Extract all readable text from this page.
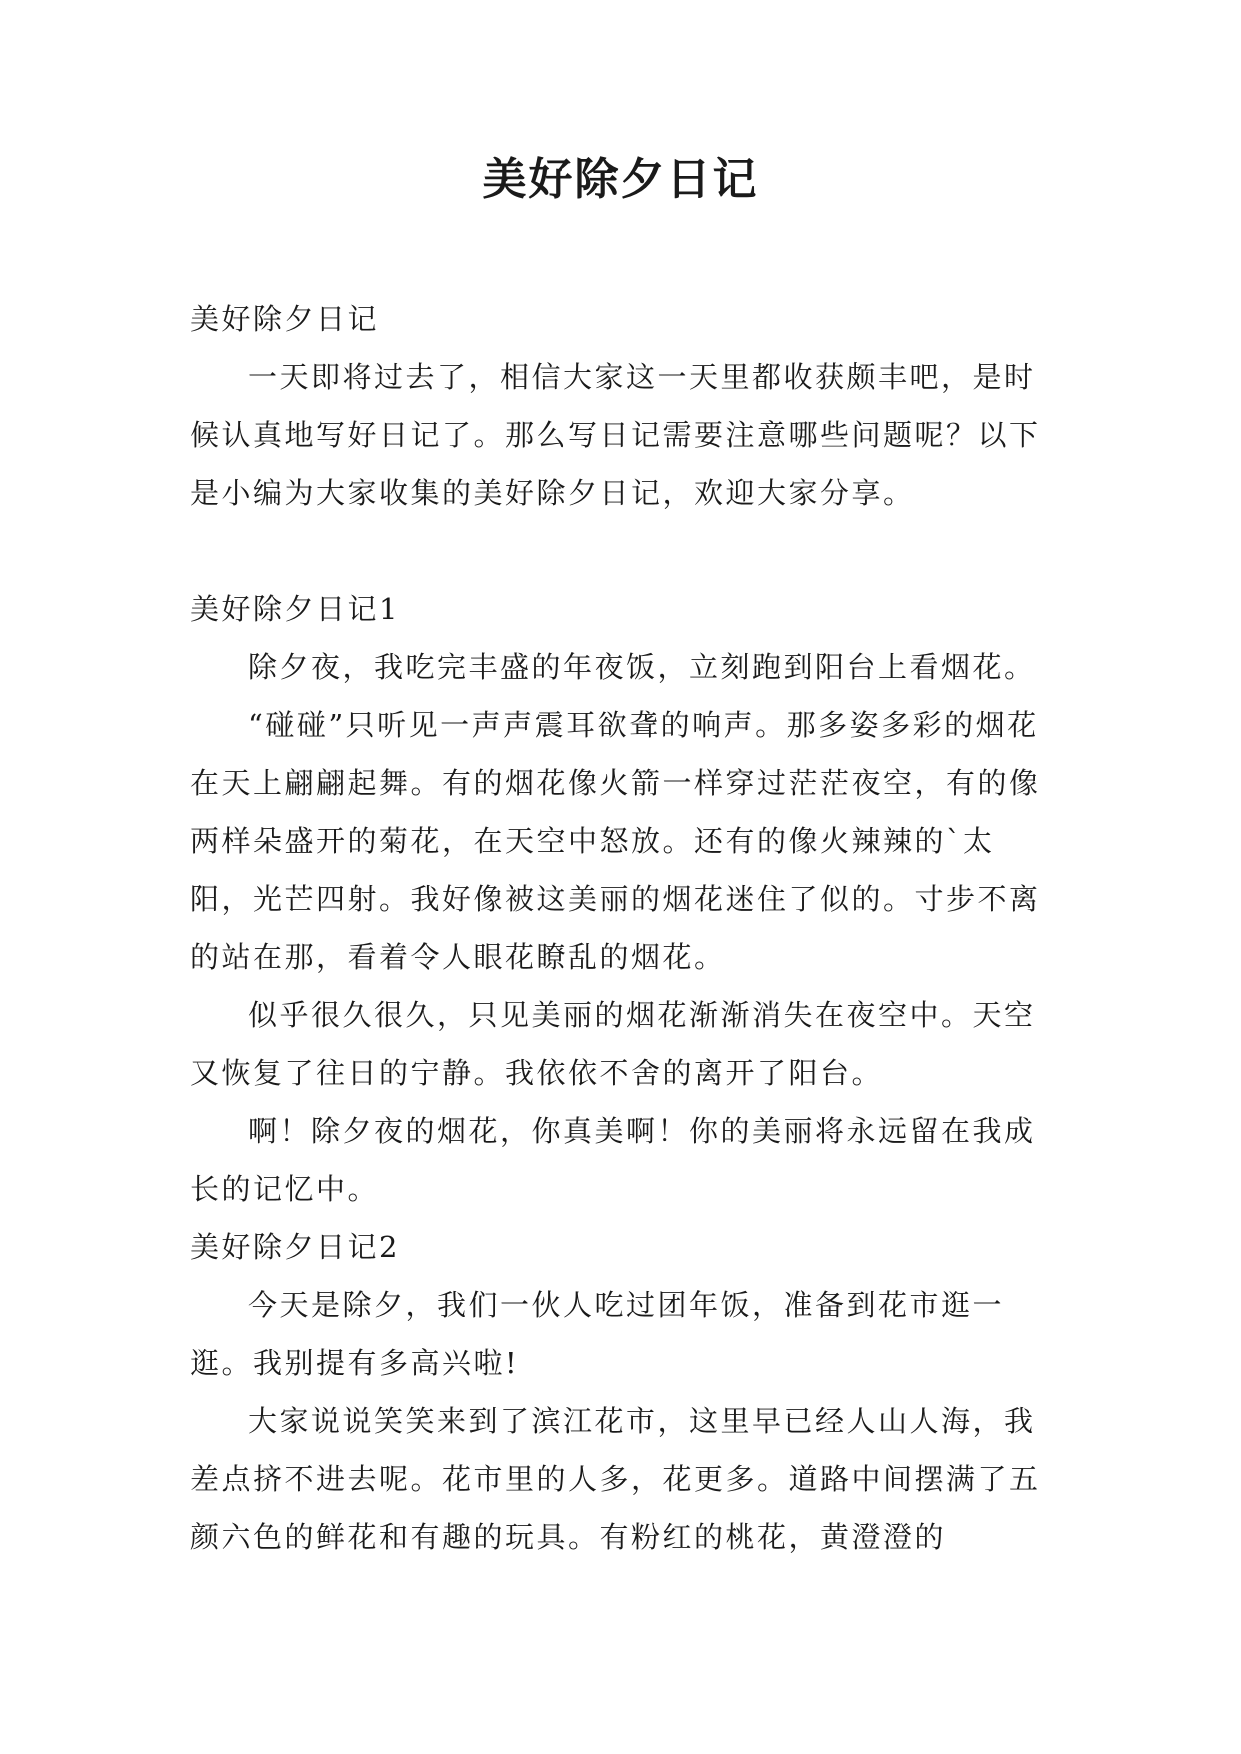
美好除夕日记

美好除夕日记

一天即将过去了，相信大家这一天里都收获颇丰吧，是时候认真地写好日记了。那么写日记需要注意哪些问题呢？以下是小编为大家收集的美好除夕日记，欢迎大家分享。

美好除夕日记1

除夕夜，我吃完丰盛的年夜饭，立刻跑到阳台上看烟花。

“碰碰”只听见一声声震耳欲聋的响声。那多姿多彩的烟花在天上翩翩起舞。有的烟花像火箭一样穿过茫茫夜空，有的像两样朵盛开的菊花，在天空中怒放。还有的像火辣辣的`太阳，光芒四射。我好像被这美丽的烟花迷住了似的。寸步不离的站在那，看着令人眼花瞭乱的烟花。

似乎很久很久，只见美丽的烟花渐渐消失在夜空中。天空又恢复了往日的宁静。我依依不舍的离开了阳台。

啊！除夕夜的烟花，你真美啊！你的美丽将永远留在我成长的记忆中。

美好除夕日记2

今天是除夕，我们一伙人吃过团年饭，准备到花市逛一逛。我别提有多高兴啦!

大家说说笑笑来到了滨江花市，这里早已经人山人海，我差点挤不进去呢。花市里的人多，花更多。道路中间摆满了五颜六色的鲜花和有趣的玩具。有粉红的桃花，黄澄澄的
